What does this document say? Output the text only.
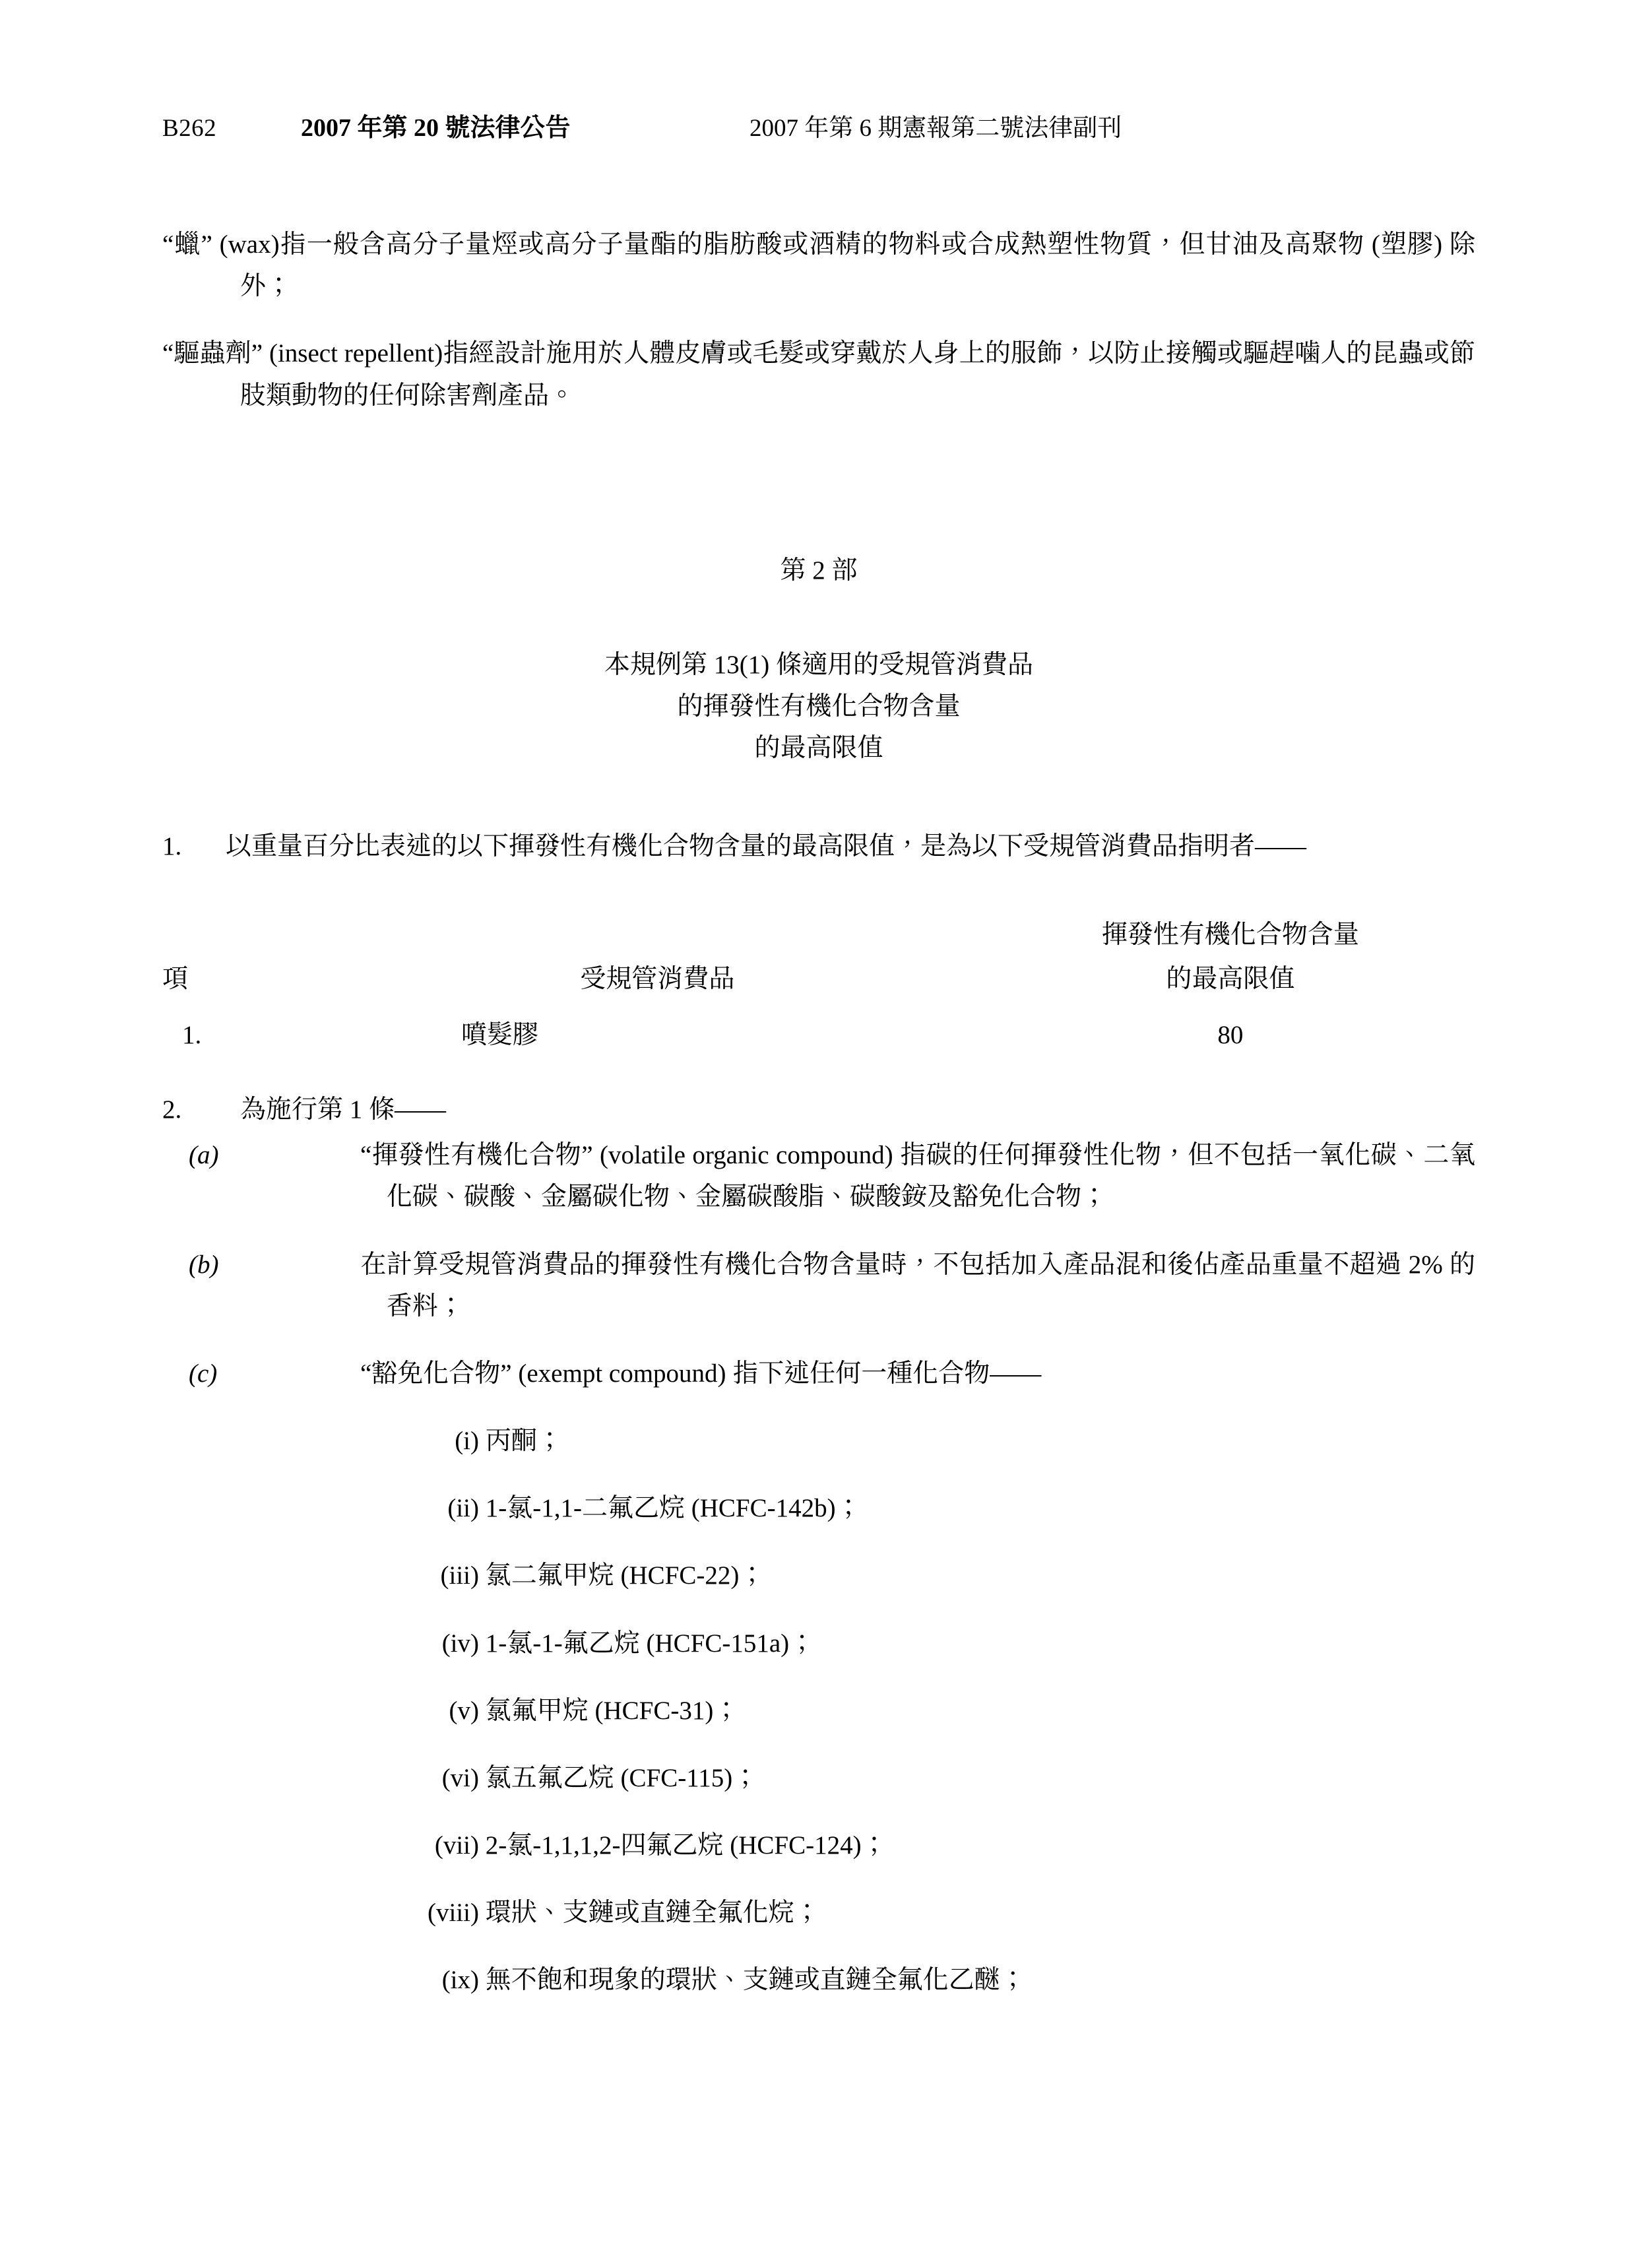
B262	2007 年第 20 號法律公告	2007 年第 6 期憲報第二號法律副刊

“蠟” (wax)指一般含高分子量烴或高分子量酯的脂肪酸或酒精的物料或合成熱塑性物質，但甘油及高聚物 (塑膠) 除外；

“驅蟲劑” (insect repellent)指經設計施用於人體皮膚或毛髮或穿戴於人身上的服飾，以防止接觸或驅趕噛人的昆蟲或節肢類動物的任何除害劑產品。

第 2 部
本規例第 13(1) 條適用的受規管消費品
的揮發性有機化合物含量
的最高限值

1. 以重量百分比表述的以下揮發性有機化合物含量的最高限值，是為以下受規管消費品指明者——

		揮發性有機化合物含量
項	受規管消費品	的最高限值
1.	噴髮膠	80

2. 為施行第 1 條——

(a)	“揮發性有機化合物” (volatile organic compound) 指碳的任何揮發性化物，但不包括一氧化碳、二氧化碳、碳酸、金屬碳化物、金屬碳酸脂、碳酸銨及豁免化合物；

(b)	在計算受規管消費品的揮發性有機化合物含量時，不包括加入產品混和後佔產品重量不超過 2% 的香料；

(c)	“豁免化合物” (exempt compound) 指下述任何一種化合物——

(i) 丙酮；

(ii) 1-氯-1,1-二氟乙烷 (HCFC-142b)；

(iii) 氯二氟甲烷 (HCFC-22)；

(iv) 1-氯-1-氟乙烷 (HCFC-151a)；

(v) 氯氟甲烷 (HCFC-31)；

(vi) 氯五氟乙烷 (CFC-115)；

(vii) 2-氯-1,1,1,2-四氟乙烷 (HCFC-124)；

(viii) 環狀、支鏈或直鏈全氟化烷；

(ix) 無不飽和現象的環狀、支鏈或直鏈全氟化乙醚；
